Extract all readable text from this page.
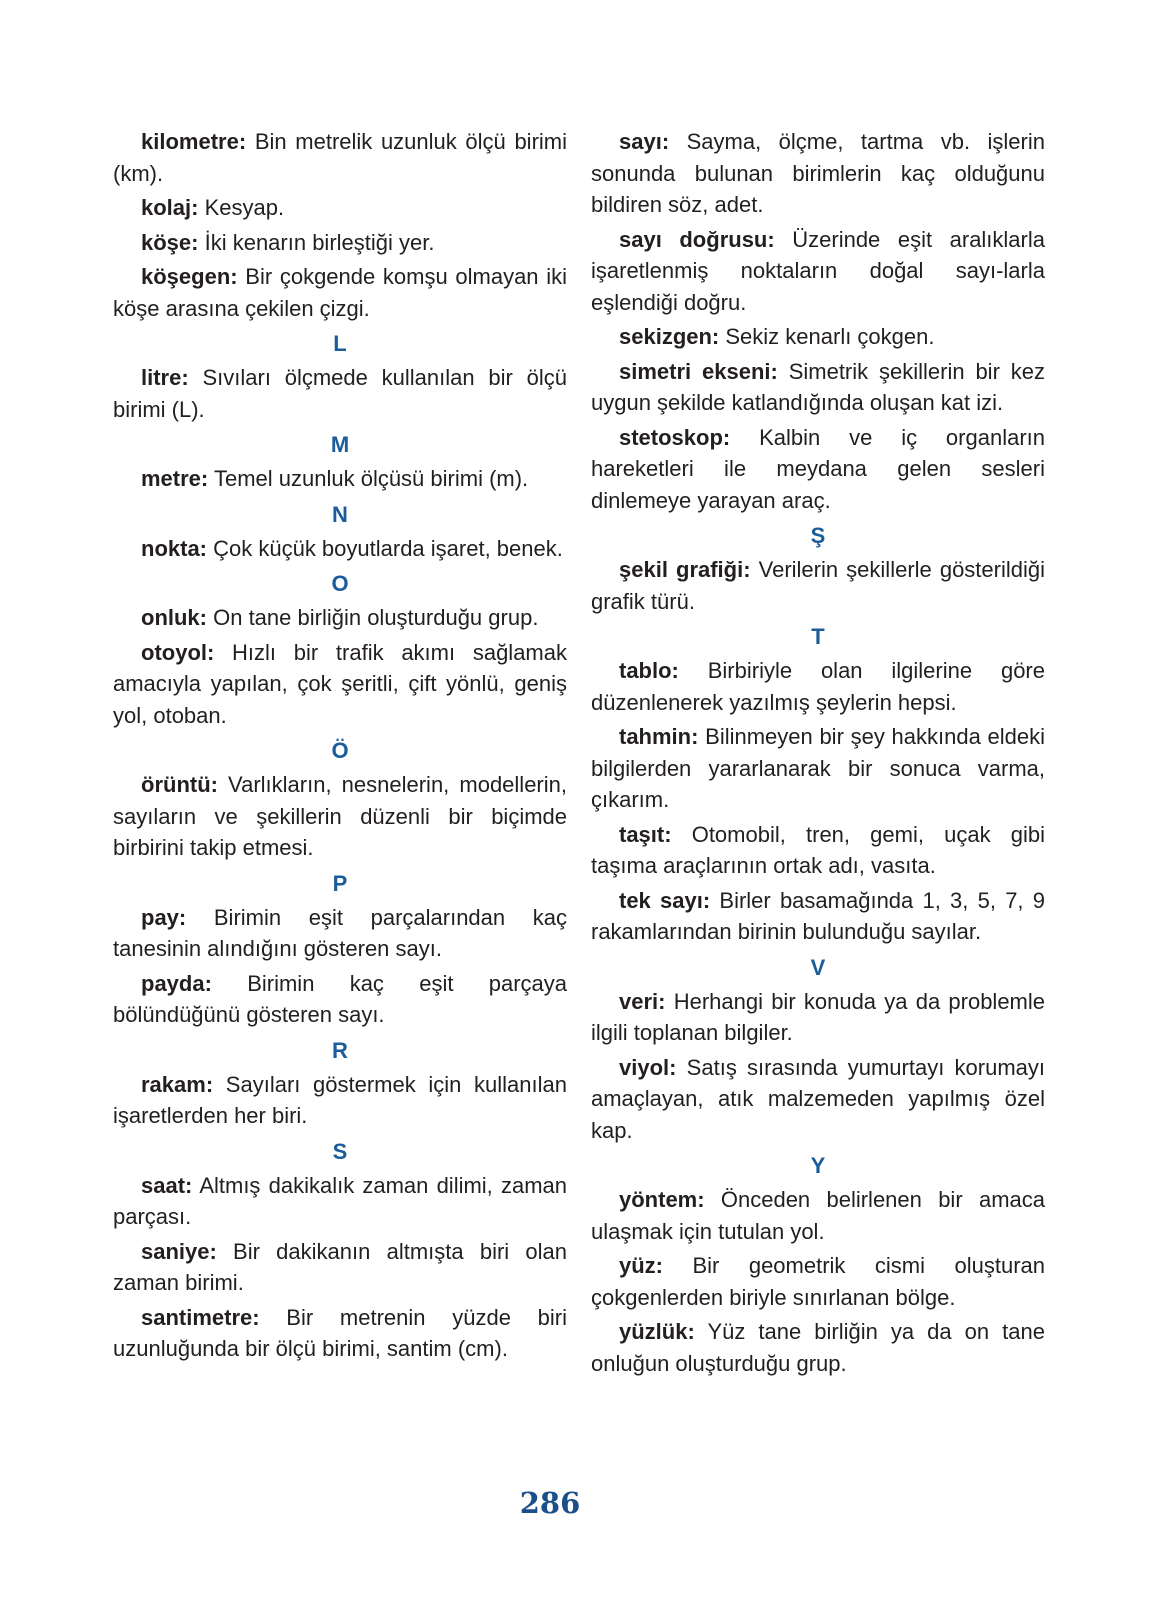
kilometre: Bin metrelik uzunluk ölçü birimi (km).

kolaj: Kesyap.

köşe: İki kenarın birleştiği yer.

köşegen: Bir çokgende komşu olmayan iki köşe arasına çekilen çizgi.

L

litre: Sıvıları ölçmede kullanılan bir ölçü birimi (L).

M

metre: Temel uzunluk ölçüsü birimi (m).

N

nokta: Çok küçük boyutlarda işaret, benek.

O

onluk: On tane birliğin oluşturduğu grup.

otoyol: Hızlı bir trafik akımı sağlamak amacıyla yapılan, çok şeritli, çift yönlü, geniş yol, otoban.

Ö

örüntü: Varlıkların, nesnelerin, modellerin, sayıların ve şekillerin düzenli bir biçimde birbirini takip etmesi.

P

pay: Birimin eşit parçalarından kaç tanesinin alındığını gösteren sayı.

payda: Birimin kaç eşit parçaya bölündüğünü gösteren sayı.

R

rakam: Sayıları göstermek için kullanılan işaretlerden her biri.

S

saat: Altmış dakikalık zaman dilimi, zaman parçası.

saniye: Bir dakikanın altmışta biri olan zaman birimi.

santimetre: Bir metrenin yüzde biri uzunluğunda bir ölçü birimi, santim (cm).

sayı: Sayma, ölçme, tartma vb. işlerin sonunda bulunan birimlerin kaç olduğunu bildiren söz, adet.

sayı doğrusu: Üzerinde eşit aralıklarla işaretlenmiş noktaların doğal sayı-larla eşlendiği doğru.

sekizgen: Sekiz kenarlı çokgen.

simetri ekseni: Simetrik şekillerin bir kez uygun şekilde katlandığında oluşan kat izi.

stetoskop: Kalbin ve iç organların hareketleri ile meydana gelen sesleri dinlemeye yarayan araç.

Ş

şekil grafiği: Verilerin şekillerle gösterildiği grafik türü.

T

tablo: Birbiriyle olan ilgilerine göre düzenlenerek yazılmış şeylerin hepsi.

tahmin: Bilinmeyen bir şey hakkında eldeki bilgilerden yararlanarak bir sonuca varma, çıkarım.

taşıt: Otomobil, tren, gemi, uçak gibi taşıma araçlarının ortak adı, vasıta.

tek sayı: Birler basamağında 1, 3, 5, 7, 9 rakamlarından birinin bulunduğu sayılar.

V

veri: Herhangi bir konuda ya da problemle ilgili toplanan bilgiler.

viyol: Satış sırasında yumurtayı korumayı amaçlayan, atık malzemeden yapılmış özel kap.

Y

yöntem: Önceden belirlenen bir amaca ulaşmak için tutulan yol.

yüz: Bir geometrik cismi oluşturan çokgenlerden biriyle sınırlanan bölge.

yüzlük: Yüz tane birliğin ya da on tane onluğun oluşturduğu grup.

286
